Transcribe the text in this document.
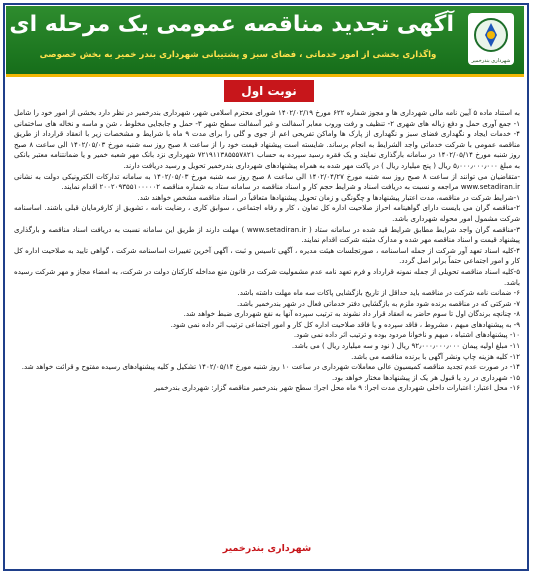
آگهی تجدید مناقصه عمومی یک مرحله ای
واگذاری بخشی از امور خدماتی ، فضای سبز و پشتیبانی شهرداری بندر خمیر به بخش خصوصی
شهرداری بندرخمیر
نوبت اول

به استناد ماده ۵ آیین نامه مالی شهرداری ها و مجوز شماره ۶۲۲ مورخ ۱۴۰۲/۰۲/۱۹ شورای محترم اسلامی شهر، شهرداری بندرخمیر در نظر دارد بخشی از امور خود را شامل ۱- جمع آوری حمل و دفع زباله های شهری ۲- تنظیف و رفت وروب معابر آسفالت و غیر آسفالت سطح شهر ۳- حمل و جابجایی مخلوط ، شن و ماسه و نخاله های ساختمانی ۴- خدمات ایجاد و نگهداری فضای سبز و نگهداری از پارک ها واماکن تفریحی اعم از جوی و گلی را برای مدت ۹ ماه با شرایط و مشخصات زیر با انعقاد قرارداد از طریق مناقصه عمومی با شرکت خدماتی واجد الشرایط به انجام برساند. شایسته است پیشنهاد قیمت خود را از ساعت ۸ صبح روز سه شنبه مورخ ۱۴۰۲/۰۵/۰۳ الی ساعت ۸ صبح روز شنبه مورخ ۱۴۰۲/۰۵/۱۴ در سامانه بارگذاری نمایند و یک فقره رسید سپرده به حساب ۷۲۱۹۱۱۳۸۵۵۵۷۸۲۱ شهرداری نزد بانک مهر شعبه خمیر و یا ضمانتنامه معتبر بانکی به مبلغ ۵٫۰۰۰٫۰۰۰٫۰۰۰ ریال ( پنج میلیارد ریال ) در پاکت مهر شده به همراه پیشنهادهای شهرداری بندرخمیر تحویل و رسید دریافت دارند.

-متقاضیان می توانند از ساعت ۸ صبح روز سه شنبه مورخ ۱۴۰۲/۰۴/۲۷ الی ساعت ۸ صبح روز سه شنبه مورخ ۱۴۰۲/۰۵/۰۳ به سامانه تدارکات الکترونیکی دولت به نشانی www.setadiran.ir مراجعه و نسبت به دریافت اسناد و شرایط حجم کار و اسناد مناقصه در سامانه ستاد به شماره مناقصه ۲۰۰۲۰۹۳۵۵۱۰۰۰۰۰۲ اقدام نمایند.

۱-شرایط شرکت در مناقصه، مدت اعتبار پیشنهادها و چگونگی و زمان تحویل پیشنهادها متعاقباً در اسناد مناقصه مشخص خواهند شد.

۲-مناقصه گران می بایست دارای گواهینامه احراز صلاحیت اداره کل تعاون ، کار و رفاه اجتماعی ، سوابق کاری ، رضایت نامه ، تشویق از کارفرمایان قبلی باشند. اساسنامه شرکت مشمول امور محوله شهرداری باشد.

۳-مناقصه گران واجد شرایط مطابق شرایط قید شده در سامانه ستاد ( www.setadiran.ir ) مهلت دارند از طریق این سامانه نسبت به دریافت اسناد مناقصه و بارگذاری پیشنهاد قیمت و اسناد مناقصه مهر شده و مدارک مثبته شرکت اقدام نمایند.

۴-کلیه اسناد تعهد آور شرکت از جمله اساسنامه ، صورتجلسات هیئت مدیره ، آگهی تاسیس و ثبت ، آگهی آخرین تغییرات اساسنامه شرکت ، گواهی تایید به صلاحیت اداره کل کار و امور اجتماعی حتماً برابر اصل گردد.

۵-کلیه اسناد مناقصه تحویلی از جمله نمونه قرارداد و فرم تعهد نامه عدم مشمولیت شرکت در قانون منع مداخله کارکنان دولت در شرکت، به امضاء مجاز و مهر شرکت رسیده باشد.

۶- ضمانت نامه شرکت در مناقصه باید حداقل از تاریخ بازگشایی پاکات سه ماه مهلت داشته باشد.

۷- شرکتی که در مناقصه برنده شود ملزم به بازگشایی دفتر خدماتی فعال در شهر بندرخمیر باشد.

۸- چنانچه برندگان اول تا سوم حاضر به انعقاد قرار داد نشوند به ترتیب سپرده آنها به نفع شهرداری ضبط خواهد شد.

۹- به پیشنهادهای مبهم ، مشروط ، فاقد سپرده و یا فاقد صلاحیت اداره کل کار و امور اجتماعی ترتیب اثر داده نمی شود.

۱۰- پیشنهادهای اشتباه ، مبهم و ناخوانا مردود بوده و ترتیب اثر داده نمی شود.

۱۱- مبلغ اولیه پیمان ۹۲٫۰۰۰٫۰۰۰٫۰۰۰ ریال ( نود و سه میلیارد ریال ) می باشد.

۱۲- کلیه هزینه چاپ ونشر آگهی با برنده مناقصه می باشد.

۱۴- در صورت عدم تجدید مناقصه کمیسیون عالی معاملات شهرداری در ساعت ۱۰ روز شنبه مورخ ۱۴۰۲/۰۵/۱۴ تشکیل و کلیه پیشنهادهای رسیده مفتوح و قرائت خواهد شد.

۱۵- شهرداری در رد یا قبول هر یک از پیشنهادها مختار خواهد بود.

۱۶- محل اعتبار: اعتبارات داخلی شهرداری مدت اجرا: ۹ ماه محل اجرا: سطح شهر بندرخمیر مناقصه گزار: شهرداری بندرخمیر

شهرداری بندرخمیر
